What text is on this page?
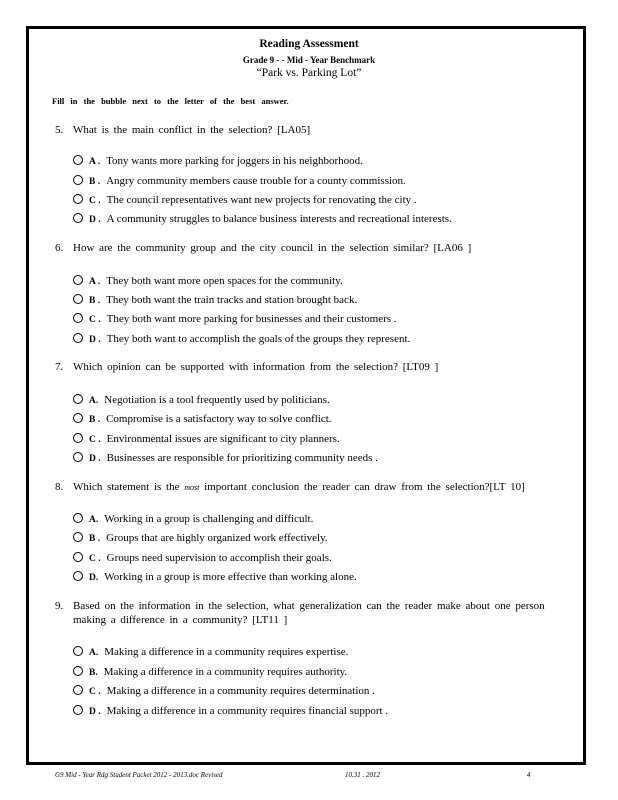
Reading Assessment
Grade 9 - - Mid - Year Benchmark
“Park vs. Parking Lot”
Fill in the bubble next to the letter of the best answer.
5. What is the main conflict in the selection? [LA05]
A . Tony wants more parking for joggers in his neighborhood.
B . Angry community members cause trouble for a county commission.
C . The council representatives want new projects for renovating the city .
D . A community struggles to balance business interests and recreational interests.
6. How are the community group and the city council in the selection similar? [LA06 ]
A . They both want more open spaces for the community.
B . They both want the train tracks and station brought back.
C . They both want more parking for businesses and their customers .
D . They both want to accomplish the goals of the groups they represent.
7. Which opinion can be supported with information from the selection? [LT09 ]
A. Negotiation is a tool frequently used by politicians.
B . Compromise is a satisfactory way to solve conflict.
C . Environmental issues are significant to city planners.
D . Businesses are responsible for prioritizing community needs .
8. Which statement is the most important conclusion the reader can draw from the selection?[LT 10]
A. Working in a group is challenging and difficult.
B . Groups that are highly organized work effectively.
C . Groups need supervision to accomplish their goals.
D. Working in a group is more effective than working alone.
9. Based on the information in the selection, what generalization can the reader make about one person making a difference in a community? [LT11 ]
A. Making a difference in a community requires expertise.
B. Making a difference in a community requires authority.
C . Making a difference in a community requires determination .
D . Making a difference in a community requires financial support .
G9 Mid - Year Rdg Student Packet 2012 - 2013.doc Revised	10.31 . 2012	4
